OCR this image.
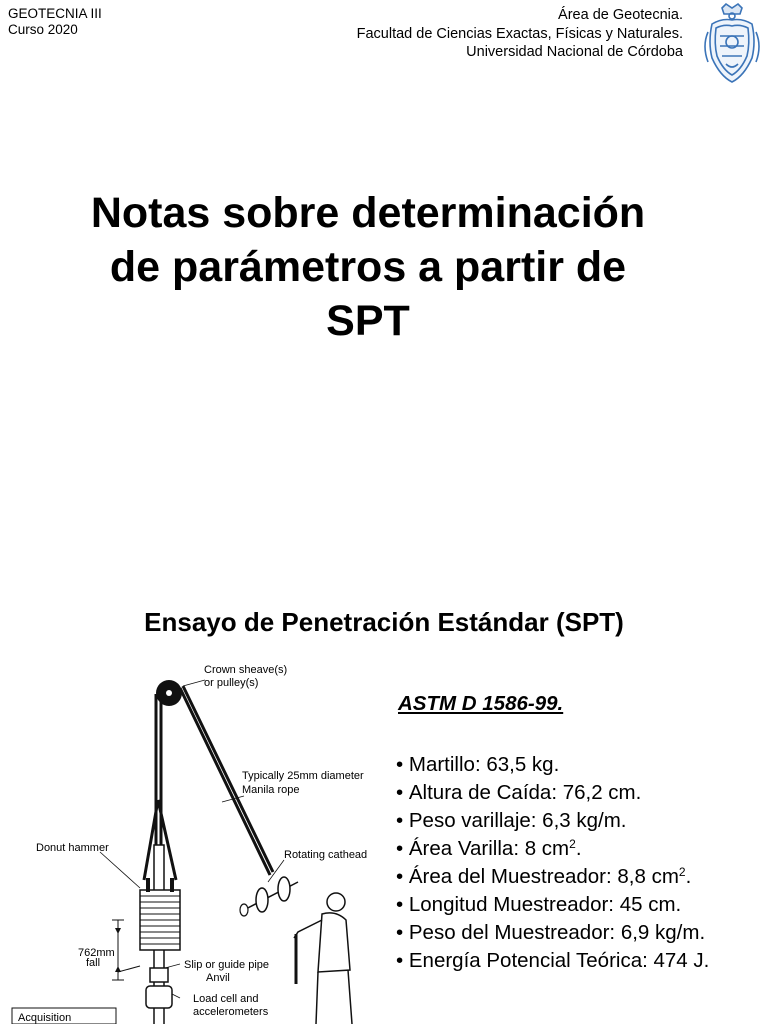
GEOTECNIA III
Curso 2020
Área de Geotecnia.
Facultad de Ciencias Exactas, Físicas y Naturales.
Universidad Nacional de Córdoba
Notas sobre determinación
de parámetros a partir de
SPT
Ensayo de Penetración Estándar (SPT)
Crown sheave(s)
or pulley(s)
Typically 25mm diameter
Manila rope
Donut hammer
Rotating cathead
762mm
fall	Slip or guide pipe
Anvil
Load cell and
accelerometers
Acquisition
ASTM D 1586-99.
• Martillo: 63,5 kg.
• Altura de Caída: 76,2 cm.
• Peso varillaje: 6,3 kg/m.
• Área Varilla: 8 $cm^2$.
• Área del Muestreador: 8,8 $cm^2$.
• Longitud Muestreador: 45 cm.
• Peso del Muestreador: 6,9 kg/m.
• Energía Potencial Teórica: 474 J.
